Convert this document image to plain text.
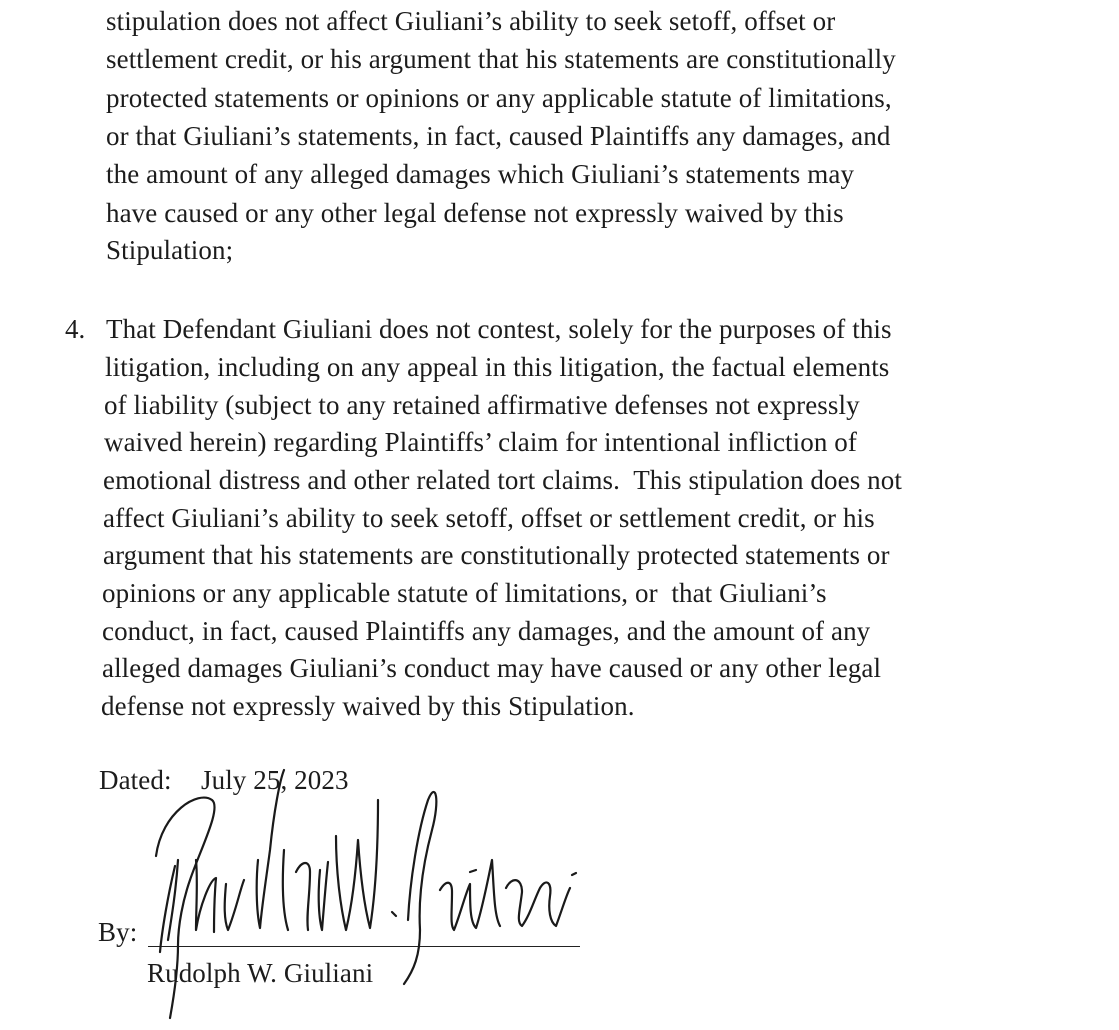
stipulation does not affect Giuliani’s ability to seek setoff, offset or
settlement credit, or his argument that his statements are constitutionally
protected statements or opinions or any applicable statute of limitations,
or that Giuliani’s statements, in fact, caused Plaintiffs any damages, and
the amount of any alleged damages which Giuliani’s statements may
have caused or any other legal defense not expressly waived by this
Stipulation;
4. That Defendant Giuliani does not contest, solely for the purposes of this
litigation, including on any appeal in this litigation, the factual elements
of liability (subject to any retained affirmative defenses not expressly
waived herein) regarding Plaintiffs’ claim for intentional infliction of
emotional distress and other related tort claims.  This stipulation does not
affect Giuliani’s ability to seek setoff, offset or settlement credit, or his
argument that his statements are constitutionally protected statements or
opinions or any applicable statute of limitations, or  that Giuliani’s
conduct, in fact, caused Plaintiffs any damages, and the amount of any
alleged damages Giuliani’s conduct may have caused or any other legal
defense not expressly waived by this Stipulation.
Dated: July 25, 2023
By:
Rudolph W. Giuliani
